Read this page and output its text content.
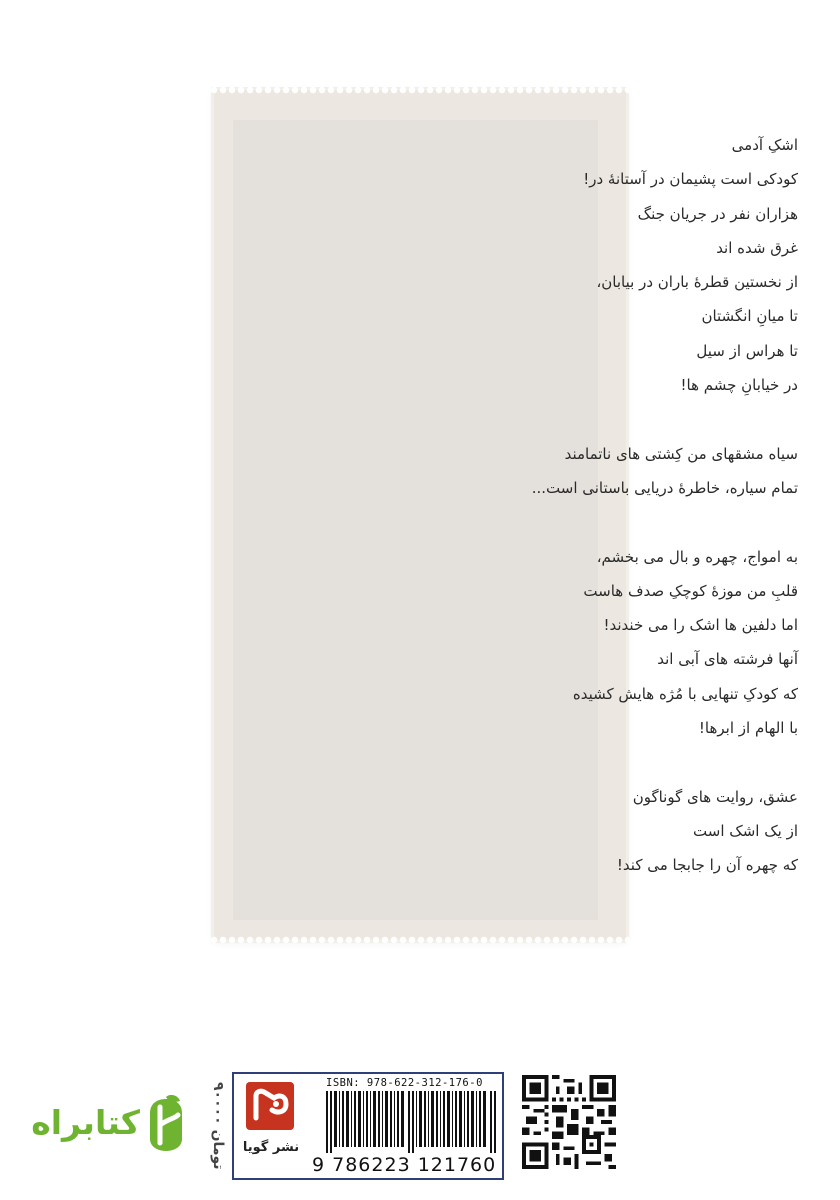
اشکِ آدمی
کودکی است پشیمان در آستانهٔ در!
هزاران نفر در جریان جنگ
غرق شده اند
از نخستین قطرهٔ باران در بیابان،
تا میانِ انگشتان
تا هراس از سیل
در خیابانِ چشم ها!
سیاه مشقهای من کِشتی های ناتمامند
تمام سیاره، خاطرهٔ دریایی باستانی است...
به امواج، چهره و بال می بخشم،
قلبِ من موزهٔ کوچکِ صدف هاست
اما دلفین ها اشک را می خندند!
آنها فرشته های آبی اند
که کودکِ تنهایی با مُژه هایش کشیده
با الهام از ابرها!
عشق، روایت های گوناگون
از یک اشک است
که چهره آن را جابجا می کند!
کتابراه	۹۰۰۰۰ تومان	نشر گویا
ISBN: 978-622-312-176-0
9 786223 121760
